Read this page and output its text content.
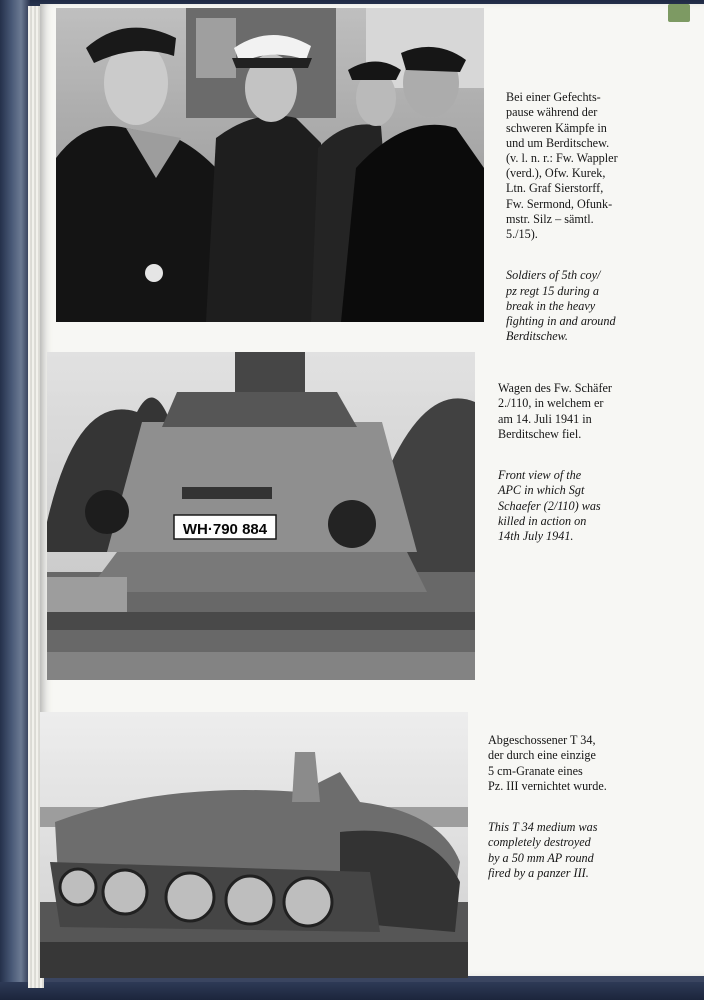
WH·790 884

Bei einer Gefechts-
pause während der
schweren Kämpfe in
und um Berditschew.
(v. l. n. r.: Fw. Wappler
(verd.), Ofw. Kurek,
Ltn. Graf Sierstorff,
Fw. Sermond, Ofunk-
mstr. Silz – sämtl.
5./15).

Soldiers of 5th coy/
pz regt 15 during a
break in the heavy
fighting in and around
Berditschew.

Wagen des Fw. Schäfer
2./110, in welchem er
am 14. Juli 1941 in
Berditschew fiel.

Front view of the
APC in which Sgt
Schaefer (2/110) was
killed in action on
14th July 1941.

Abgeschossener T 34,
der durch eine einzige
5 cm-Granate eines
Pz. III vernichtet wurde.

This T 34 medium was
completely destroyed
by a 50 mm AP round
fired by a panzer III.
